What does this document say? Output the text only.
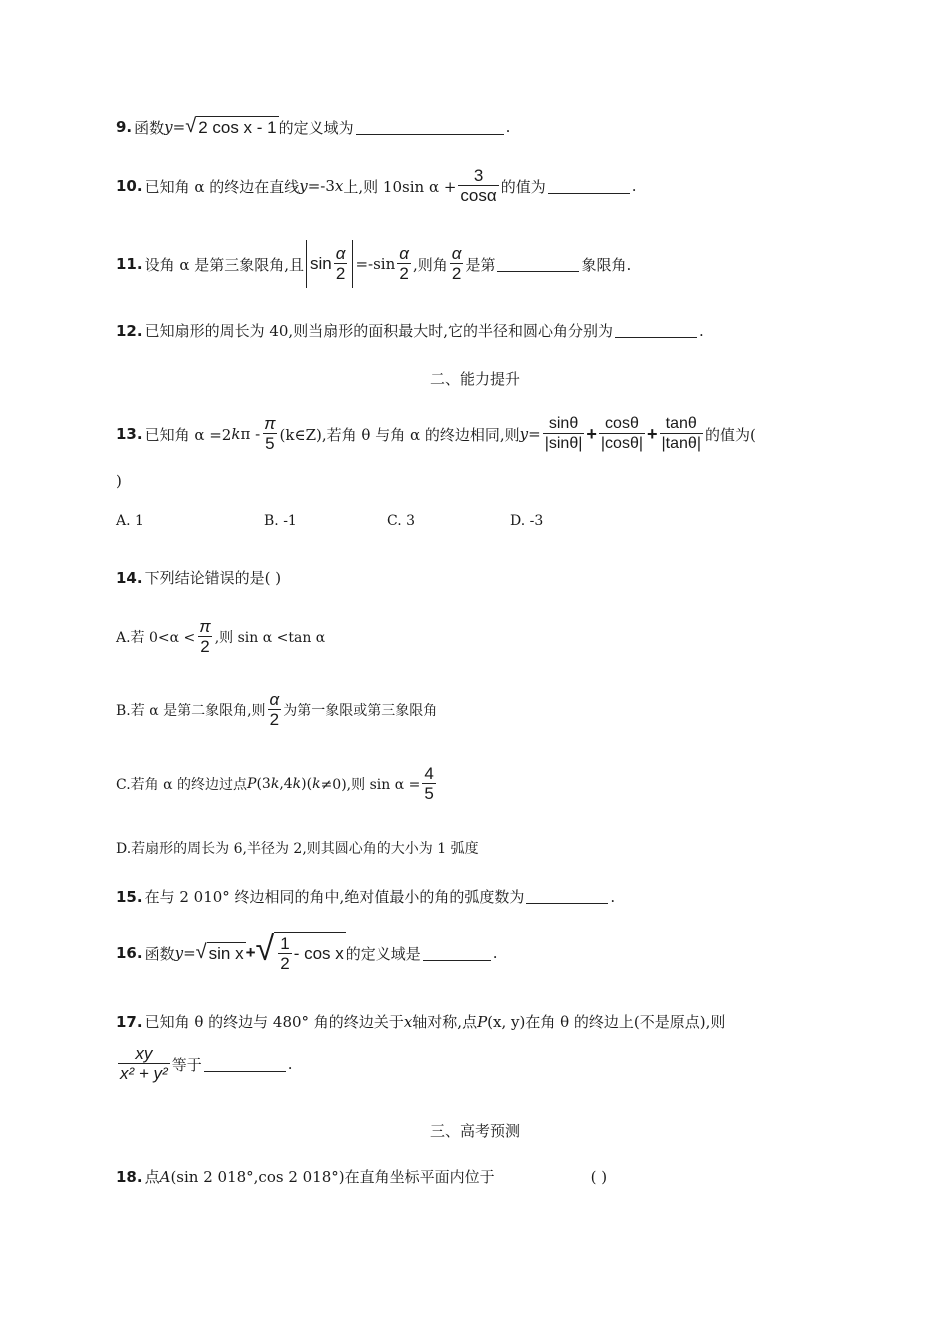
9. 函数 y = √ 2 cos x - 1 的定义域为	.
10. 已知角 α 的终边在直线 y =-3 x 上,则 10sin $\alpha + \frac{3}{\cos\alpha}$ 的值为	.
11. 设角 α 是第三象限角,且 $\sin \frac{\alpha}{2} =-\sin \frac{\alpha}{2}$ ,则角 $\frac{\alpha}{2}$ 是第	象限角.
12. 已知扇形的周长为 40,则当扇形的面积最大时,它的半径和圆心角分别为	.
二、能力提升
13. 已知角 α =2 k π - $\frac{\pi}{5}$ (k∈Z),若角 θ 与角 α 的终边相同,则 $y = \frac{\sin\theta}{|\sin\theta|} + \frac{\cos\theta}{|\cos\theta|} + \frac{\tan\theta}{|\tan\theta|}$ 的值为(
)
A. 1	B. -1	C. 3	D. -3
14. 下列结论错误的是( )
A.若 $0<\alpha < \frac{\pi}{2}$ ,则 sin α <tan α
B.若 α 是第二象限角,则 $\frac{\alpha}{2}$ 为第一象限或第三象限角
C.若角 α 的终边过点 P (3 k ,4 k )( k ≠0),则 $\sin \alpha = \frac{4}{5}$
D.若扇形的周长为 6,半径为 2,则其圆心角的大小为 1 弧度
15. 在与 2 010° 终边相同的角中,绝对值最小的角的弧度数为	.
16. 函数 y = √ sin x + √ $\frac{1}{2}$ - cos x 的定义域是	.
17. 已知角 θ 的终边与 480° 角的终边关于 x 轴对称,点 P (x, y)在角 θ 的终边上(不是原点),则
$\frac{xy}{\text{x² + y²}}$ 等于	.
三、高考预测
18. 点 A (sin 2 018°,cos 2 018°)在直角坐标平面内位于	( )
